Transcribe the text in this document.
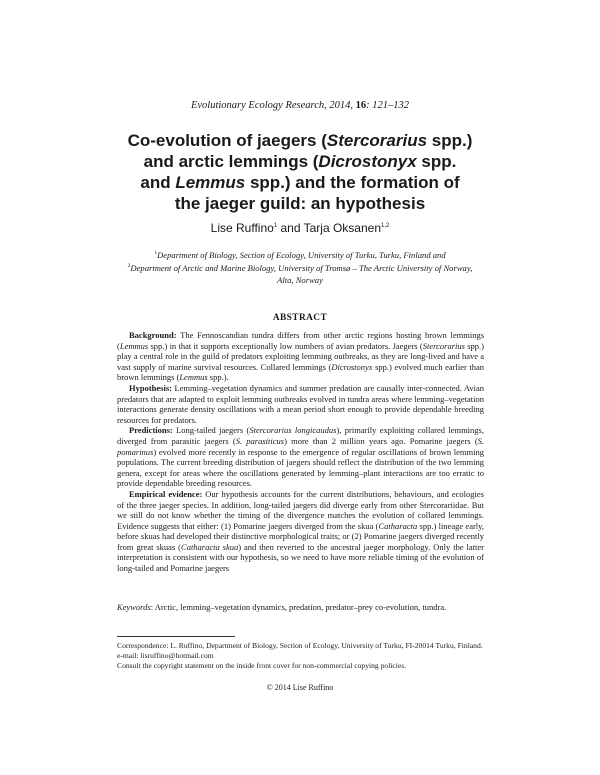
Evolutionary Ecology Research, 2014, 16: 121–132
Co-evolution of jaegers (Stercorarius spp.)
and arctic lemmings (Dicrostonyx spp.
and Lemmus spp.) and the formation of
the jaeger guild: an hypothesis
Lise Ruffino$^1$ and Tarja Oksanen$^{1,2}$
$^1$Department of Biology, Section of Ecology, University of Turku, Turku, Finland and
$^2$Department of Arctic and Marine Biology, University of Tromsø – The Arctic University of Norway, Alta, Norway
ABSTRACT

Background: The Fennoscandian tundra differs from other arctic regions hosting brown lemmings (Lemmus spp.) in that it supports exceptionally low numbers of avian predators. Jaegers (Stercorarius spp.) play a central role in the guild of predators exploiting lemming outbreaks, as they are long-lived and have a vast supply of marine survival resources. Collared lemmings (Dicrostonyx spp.) evolved much earlier than brown lemmings (Lemmus spp.).

Hypothesis: Lemming–vegetation dynamics and summer predation are causally inter-connected. Avian predators that are adapted to exploit lemming outbreaks evolved in tundra areas where lemming–vegetation interactions generate density oscillations with a mean period short enough to provide dependable breeding resources for predators.

Predictions: Long-tailed jaegers (Stercorarius longicaudus), primarily exploiting collared lemmings, diverged from parasitic jaegers (S. parasiticus) more than 2 million years ago. Pomarine jaegers (S. pomarinus) evolved more recently in response to the emergence of regular oscillations of brown lemming populations. The current breeding distribution of jaegers should reflect the distribution of the two lemming genera, except for areas where the oscillations generated by lemming–plant interactions are too erratic to provide dependable breeding resources.

Empirical evidence: Our hypothesis accounts for the current distributions, behaviours, and ecologies of the three jaeger species. In addition, long-tailed jaegers did diverge early from other Stercorariidae. But we still do not know whether the timing of the divergence matches the evolution of collared lemmings. Evidence suggests that either: (1) Pomarine jaegers diverged from the skua (Catharacta spp.) lineage early, before skuas had developed their distinctive morphological traits; or (2) Pomarine jaegers diverged recently from great skuas (Catharacta skua) and then reverted to the ancestral jaeger morphology. Only the latter interpretation is consistent with our hypothesis, so we need to have more reliable timing of the evolution of long-tailed and Pomarine jaegers

Keywords: Arctic, lemming–vegetation dynamics, predation, predator–prey co-evolution, tundra.

Correspondence: L. Ruffino, Department of Biology, Section of Ecology, University of Turku, FI-20014 Turku, Finland. e-mail: lisruffino@hotmail.com

Consult the copyright statement on the inside front cover for non-commercial copying policies.

© 2014 Lise Ruffino
